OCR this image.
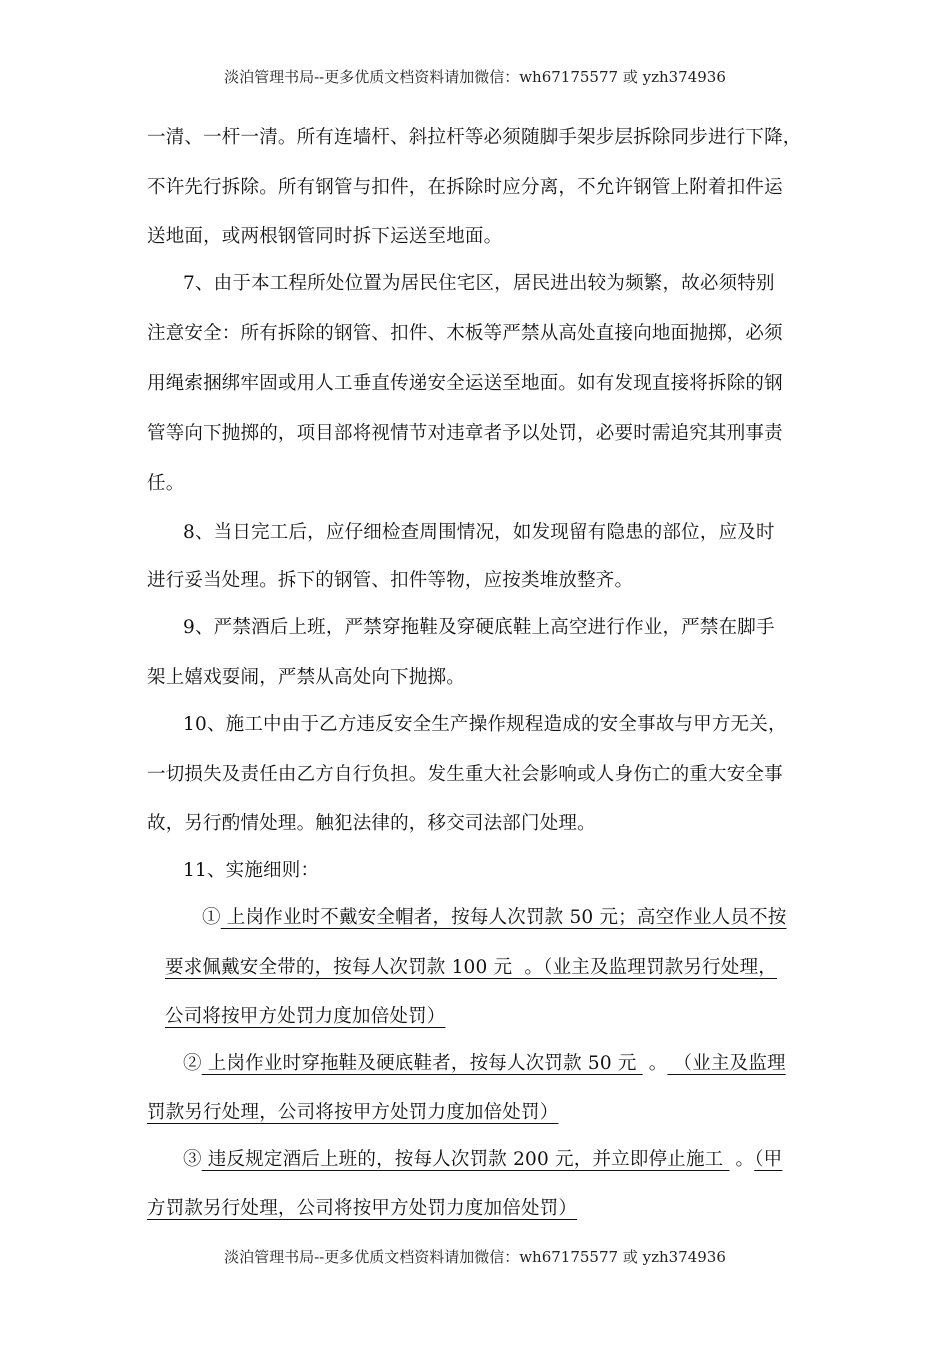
淡泊管理书局--更多优质文档资料请加微信：wh67175577 或 yzh374936
一清、一杆一清。所有连墙杆、斜拉杆等必须随脚手架步层拆除同步进行下降，
不许先行拆除。所有钢管与扣件，在拆除时应分离，不允许钢管上附着扣件运
送地面，或两根钢管同时拆下运送至地面。
7、由于本工程所处位置为居民住宅区，居民进出较为频繁，故必须特别
注意安全：所有拆除的钢管、扣件、木板等严禁从高处直接向地面抛掷，必须
用绳索捆绑牢固或用人工垂直传递安全运送至地面。如有发现直接将拆除的钢
管等向下抛掷的，项目部将视情节对违章者予以处罚，必要时需追究其刑事责
任。
8、当日完工后，应仔细检查周围情况，如发现留有隐患的部位，应及时
进行妥当处理。拆下的钢管、扣件等物，应按类堆放整齐。
9、严禁酒后上班，严禁穿拖鞋及穿硬底鞋上高空进行作业，严禁在脚手
架上嬉戏耍闹，严禁从高处向下抛掷。
10、施工中由于乙方违反安全生产操作规程造成的安全事故与甲方无关，
一切损失及责任由乙方自行负担。发生重大社会影响或人身伤亡的重大安全事
故，另行酌情处理。触犯法律的，移交司法部门处理。
11、实施细则：
① 上岗作业时不戴安全帽者，按每人次罚款 50 元；高空作业人员不按
要求佩戴安全带的，按每人次罚款 100 元  。（业主及监理罚款另行处理，
公司将按甲方处罚力度加倍处罚）
② 上岗作业时穿拖鞋及硬底鞋者，按每人次罚款 50 元  。 （业主及监理
罚款另行处理，公司将按甲方处罚力度加倍处罚）
③ 违反规定酒后上班的，按每人次罚款 200 元，并立即停止施工  。（甲
方罚款另行处理，公司将按甲方处罚力度加倍处罚）
淡泊管理书局--更多优质文档资料请加微信：wh67175577 或 yzh374936
